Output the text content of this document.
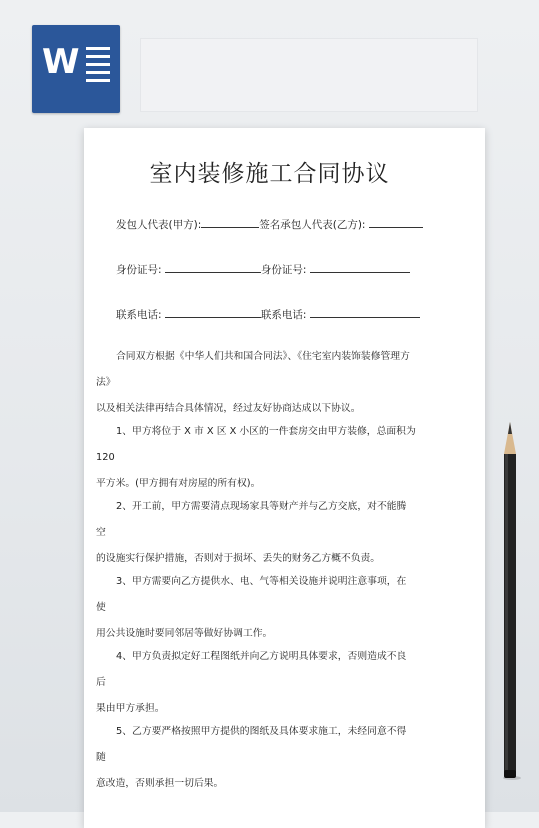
W
室内装修施工合同协议
发包人代表(甲方):	签名承包人代表(乙方):
身份证号:	身份证号:
联系电话:	联系电话:
合同双方根据《中华人们共和国合同法》、《住宅室内装饰装修管理方法》
以及相关法律再结合具体情况，经过友好协商达成以下协议。
1、甲方将位于 X 市 X 区 X 小区的一件套房交由甲方装修，总面积为 120
平方米。(甲方拥有对房屋的所有权)。
2、开工前，甲方需要清点现场家具等财产并与乙方交底，对不能腾空
的设施实行保护措施，否则对于损坏、丢失的财务乙方概不负责。
3、甲方需要向乙方提供水、电、气等相关设施并说明注意事项，在使
用公共设施时要同邻居等做好协调工作。
4、甲方负责拟定好工程图纸并向乙方说明具体要求，否则造成不良后
果由甲方承担。
5、乙方要严格按照甲方提供的图纸及具体要求施工，未经同意不得随
意改造，否则承担一切后果。
